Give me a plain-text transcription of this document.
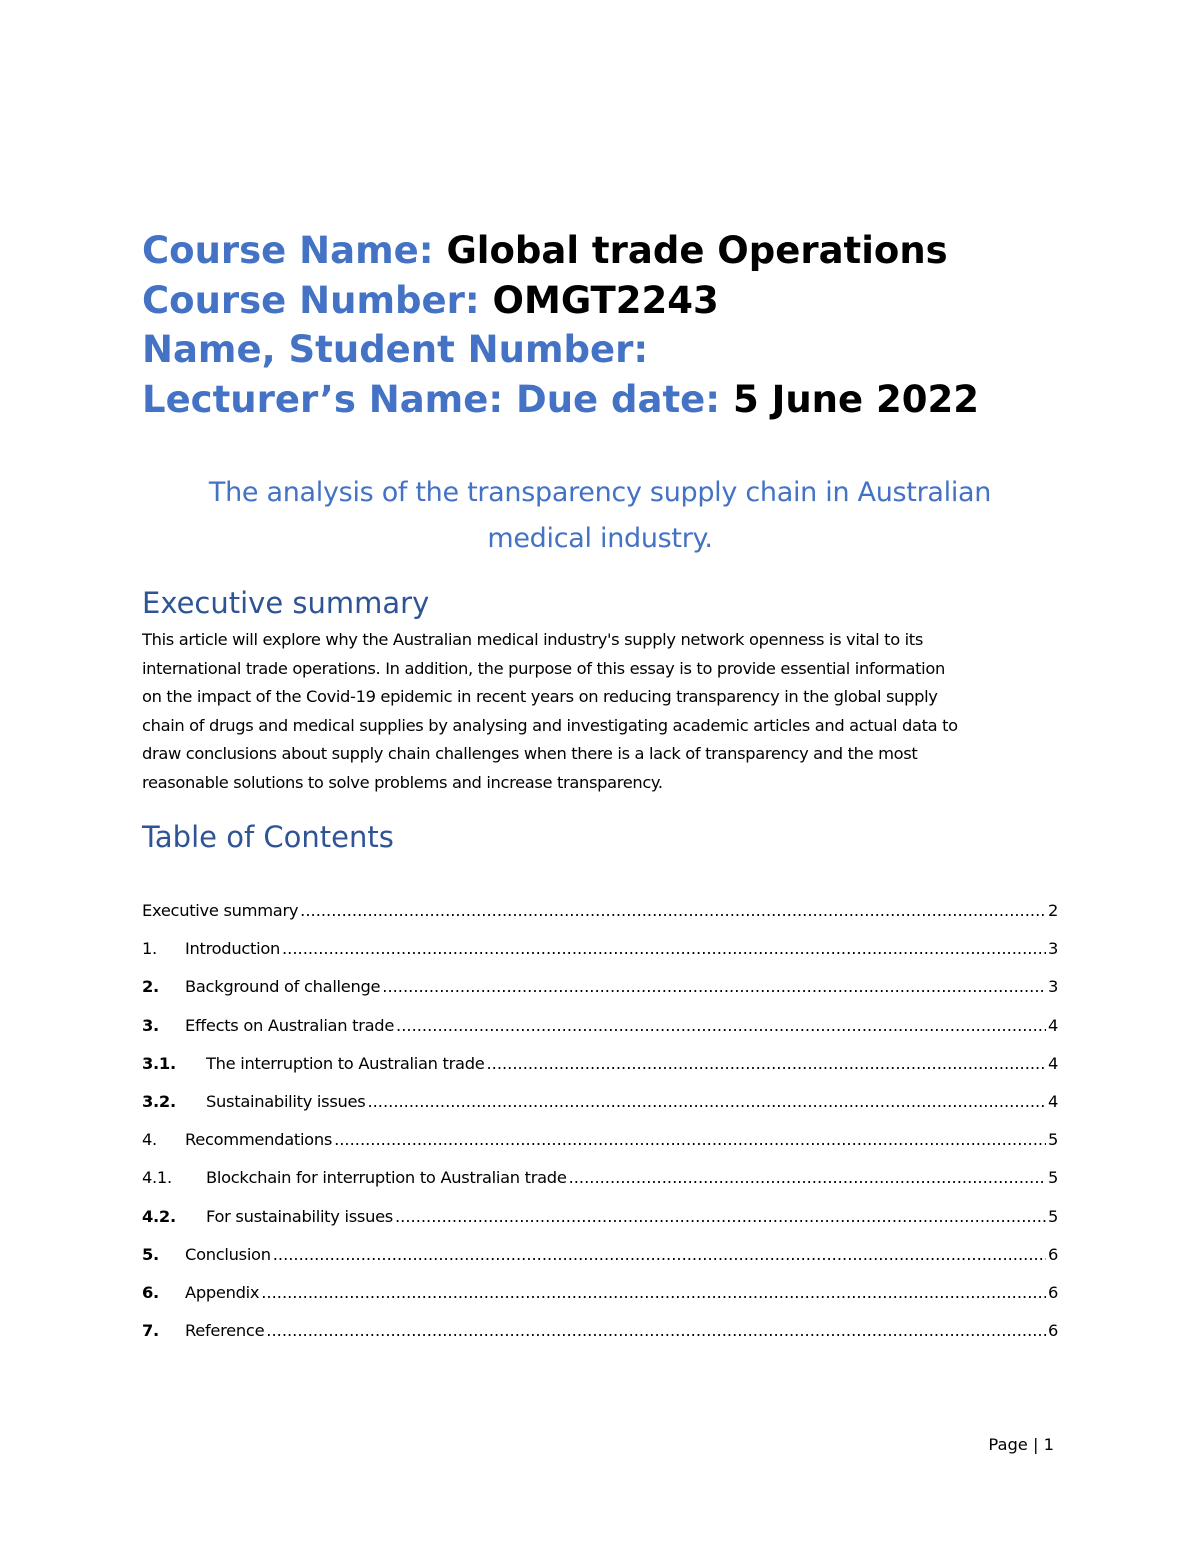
Course Name: Global trade Operations
Course Number: OMGT2243
Name, Student Number:
Lecturer’s Name: Due date: 5 June 2022
The analysis of the transparency supply chain in Australian
medical industry.
Executive summary
This article will explore why the Australian medical industry's supply network openness is vital to its
international trade operations. In addition, the purpose of this essay is to provide essential information
on the impact of the Covid-19 epidemic in recent years on reducing transparency in the global supply
chain of drugs and medical supplies by analysing and investigating academic articles and actual data to
draw conclusions about supply chain challenges when there is a lack of transparency and the most
reasonable solutions to solve problems and increase transparency.
Table of Contents
Executive summary .....	2
1.	Introduction .....	3
2.	Background of challenge .....	3
3.	Effects on Australian trade .....	4
3.1.	The interruption to Australian trade .....	4
3.2.	Sustainability issues .....	4
4.	Recommendations .....	5
4.1.	Blockchain for interruption to Australian trade .....	5
4.2.	For sustainability issues .....	5
5.	Conclusion .....	6
6.	Appendix .....	6
7.	Reference .....	6
Page | 1
